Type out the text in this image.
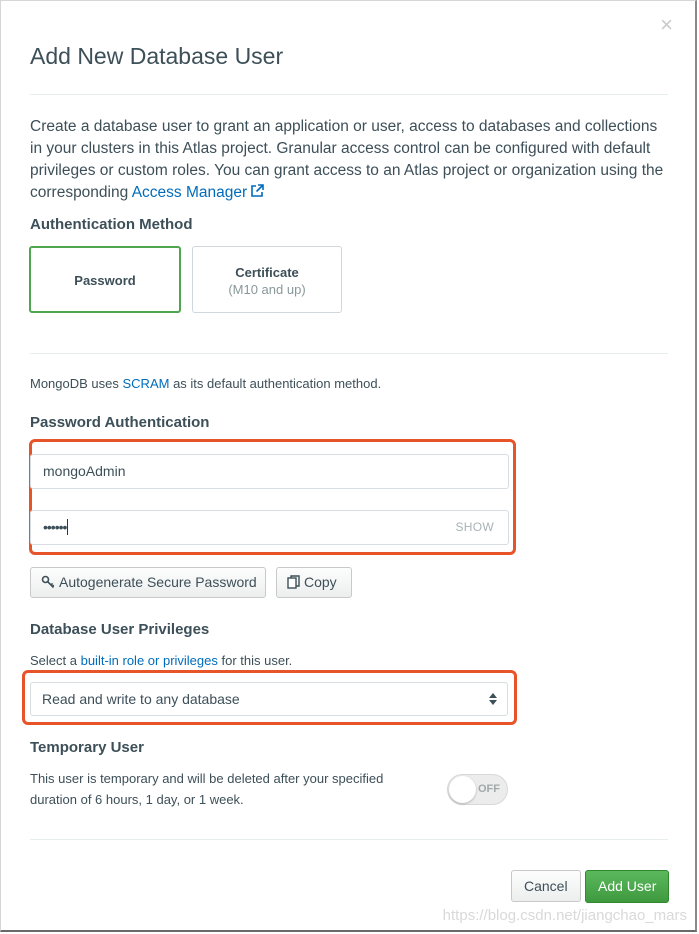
×
Add New Database User

Create a database user to grant an application or user, access to databases and collections in your clusters in this Atlas project. Granular access control can be configured with default privileges or custom roles. You can grant access to an Atlas project or organization using the corresponding Access Manager

Authentication Method
Password
Certificate
(M10 and up)

MongoDB uses SCRAM as its default authentication method.

Password Authentication
mongoAdmin
••••••	SHOW
Autogenerate Secure Password	Copy
Database User Privileges

Select a built-in role or privileges for this user.

Read and write to any database
Temporary User

This user is temporary and will be deleted after your specified duration of 6 hours, 1 day, or 1 week.

OFF
Cancel	Add User
https://blog.csdn.net/jiangchao_mars
